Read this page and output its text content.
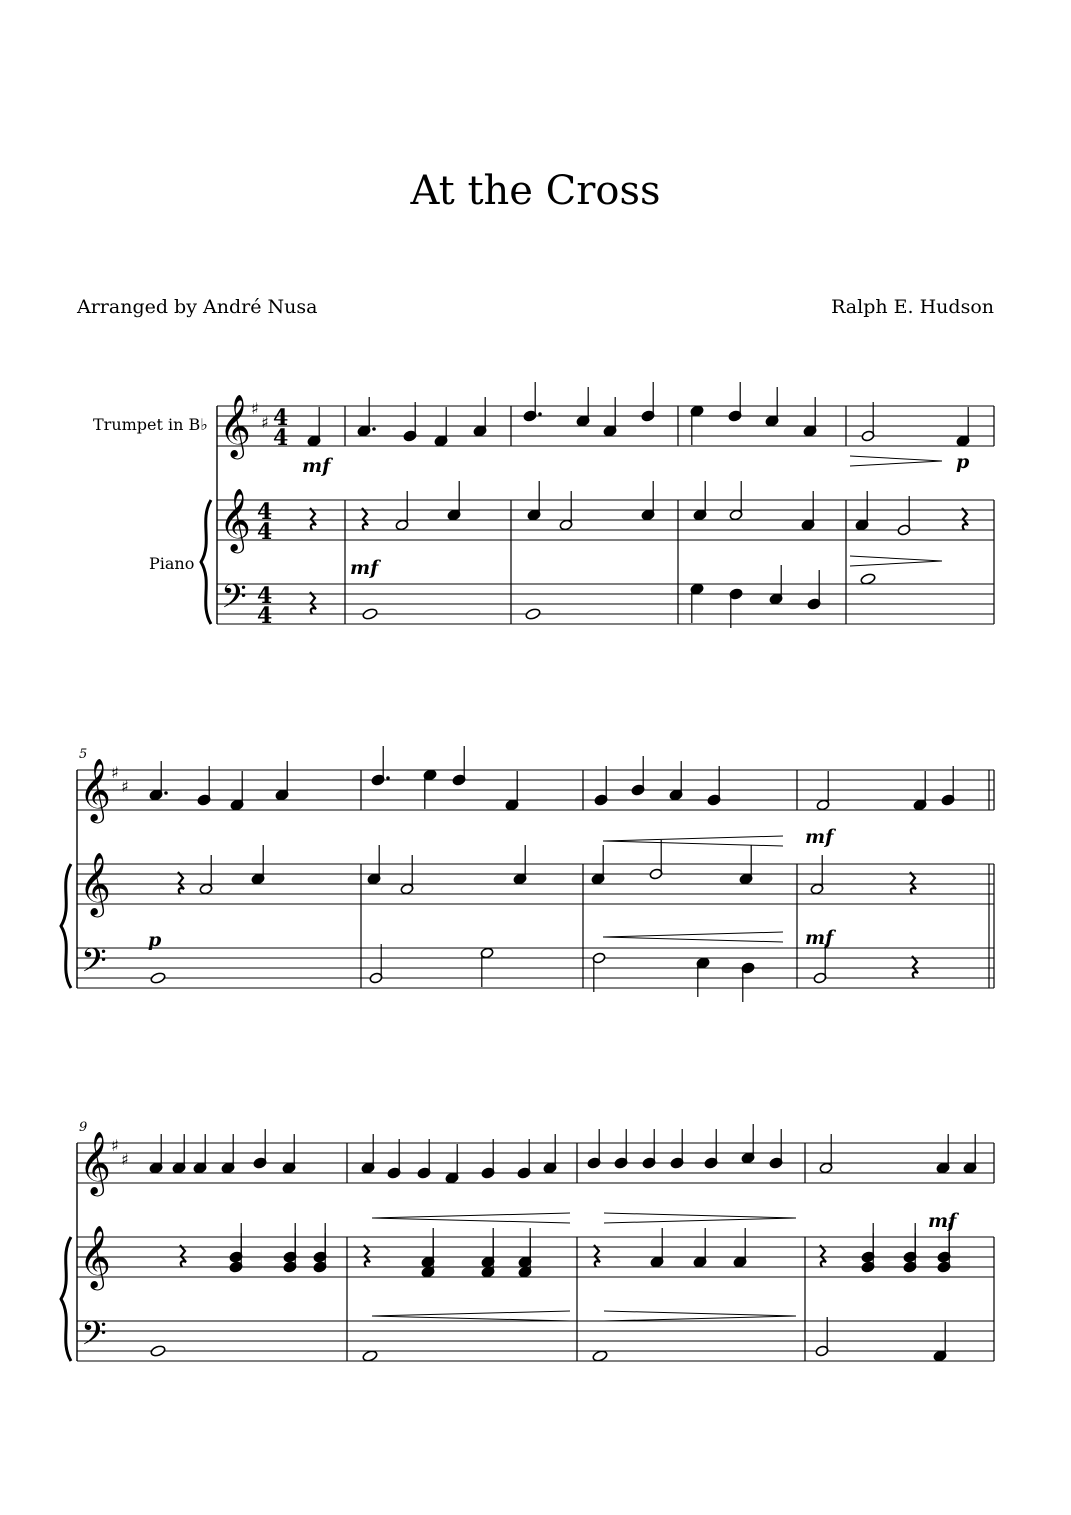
At the Cross
Arranged by André Nusa	Ralph E. Hudson
𝄞
𝄞
𝄢
♯
♯ 4
4
4
4
4
4
𝄞
𝄞
𝄢
♯
♯
5
𝄞
𝄞
𝄢
♯
♯
9
Trumpet in B♭
Piano
mf	p
mf
mf
p	mf
mf
